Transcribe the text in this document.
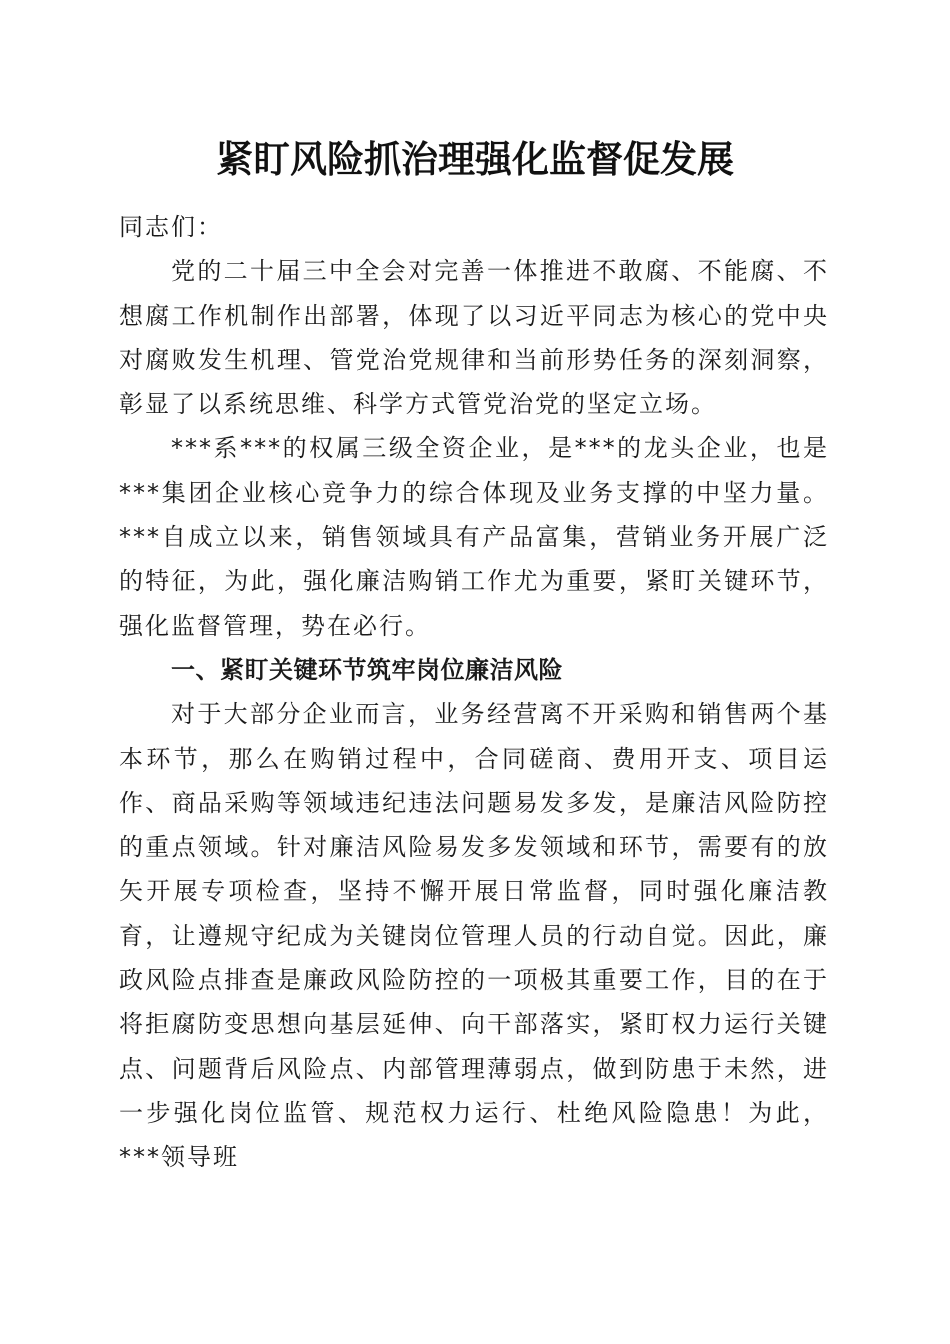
紧盯风险抓治理强化监督促发展

同志们：

党的二十届三中全会对完善一体推进不敢腐、不能腐、不想腐工作机制作出部署，体现了以习近平同志为核心的党中央对腐败发生机理、管党治党规律和当前形势任务的深刻洞察，彰显了以系统思维、科学方式管党治党的坚定立场。

***系***的权属三级全资企业，是***的龙头企业，也是***集团企业核心竞争力的综合体现及业务支撑的中坚力量。***自成立以来，销售领域具有产品富集，营销业务开展广泛的特征，为此，强化廉洁购销工作尤为重要，紧盯关键环节，强化监督管理，势在必行。

一、紧盯关键环节筑牢岗位廉洁风险

对于大部分企业而言，业务经营离不开采购和销售两个基本环节，那么在购销过程中，合同磋商、费用开支、项目运作、商品采购等领域违纪违法问题易发多发，是廉洁风险防控的重点领域。针对廉洁风险易发多发领域和环节，需要有的放矢开展专项检查，坚持不懈开展日常监督，同时强化廉洁教育，让遵规守纪成为关键岗位管理人员的行动自觉。因此，廉政风险点排查是廉政风险防控的一项极其重要工作，目的在于将拒腐防变思想向基层延伸、向干部落实，紧盯权力运行关键点、问题背后风险点、内部管理薄弱点，做到防患于未然，进一步强化岗位监管、规范权力运行、杜绝风险隐患！为此，***领导班
